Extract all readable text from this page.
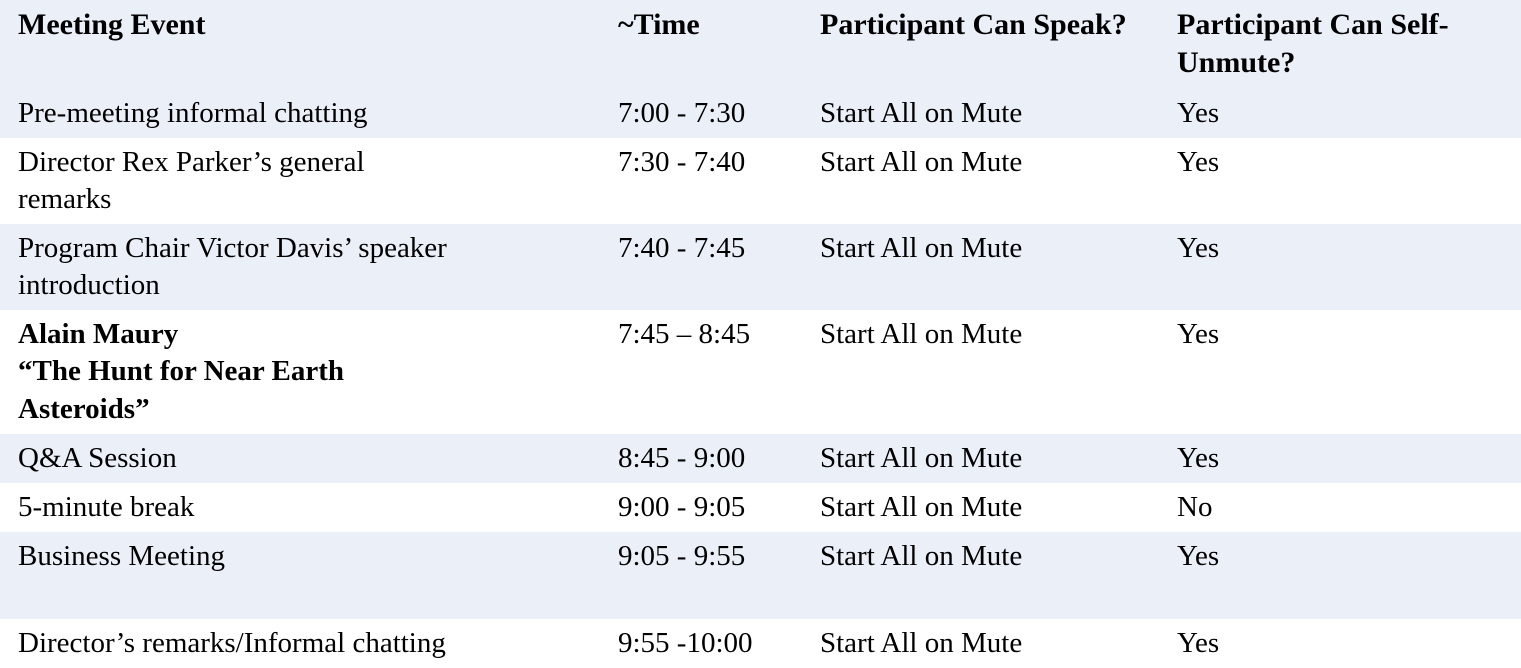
Meeting Event	~Time	Participant Can Speak?	Participant Can Self-Unmute?

Pre-meeting informal chatting	7:00 - 7:30	Start All on Mute	Yes

Director Rex Parker’s general
remarks	7:30 - 7:40	Start All on Mute	Yes

Program Chair Victor Davis’ speaker
introduction	7:40 - 7:45	Start All on Mute	Yes

Alain Maury
“The Hunt for Near Earth
Asteroids”	7:45 – 8:45	Start All on Mute	Yes

Q&A Session	8:45 - 9:00	Start All on Mute	Yes

5-minute break	9:00 - 9:05	Start All on Mute	No

Business Meeting	9:05 - 9:55	Start All on Mute	Yes

Director’s remarks/Informal chatting	9:55 -10:00	Start All on Mute	Yes
